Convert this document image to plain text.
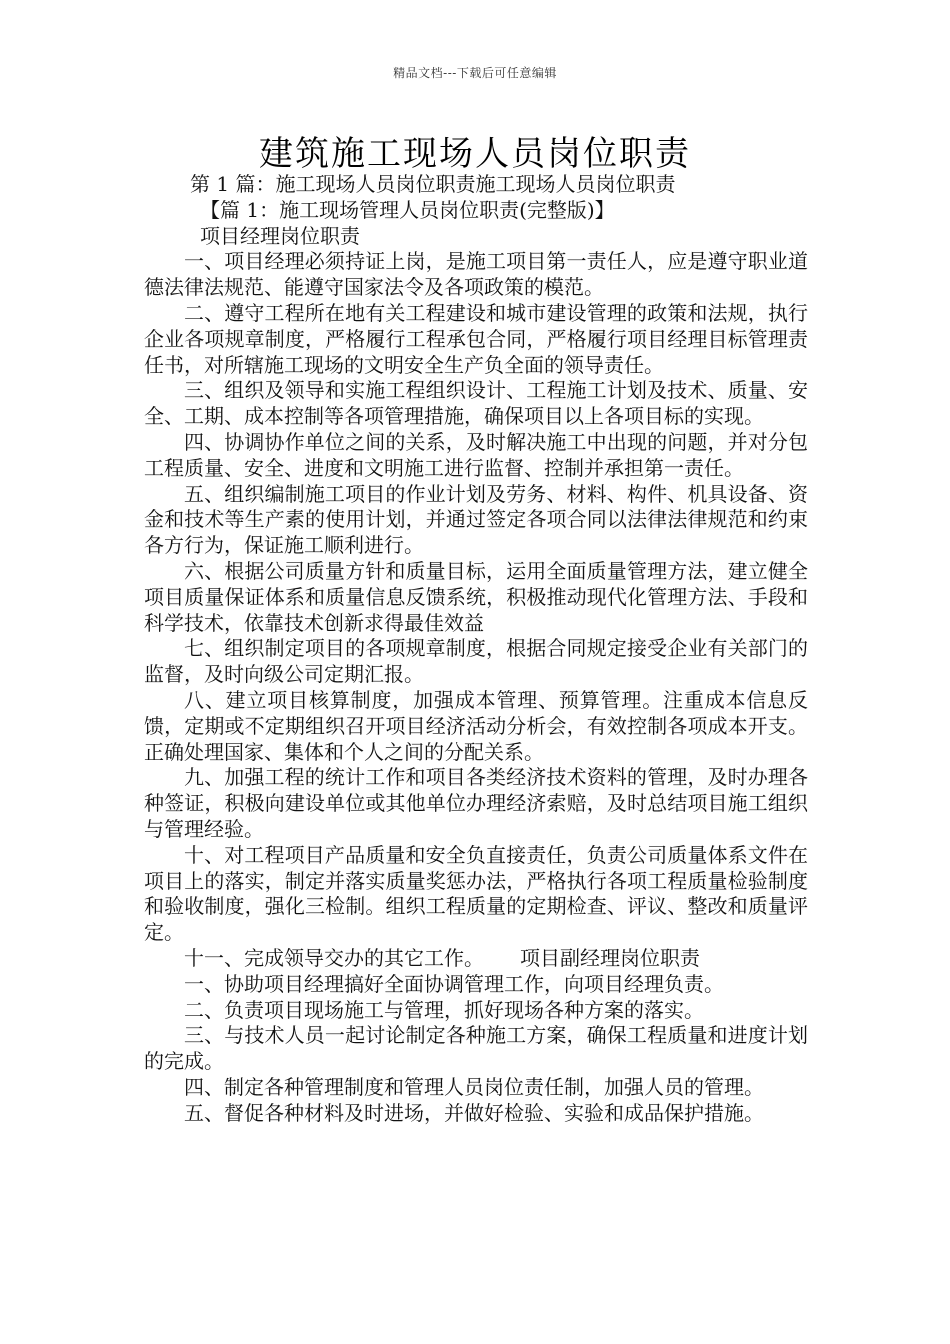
精品文档---下载后可任意编辑
建筑施工现场人员岗位职责
第 1 篇：施工现场人员岗位职责施工现场人员岗位职责
【篇 1：施工现场管理人员岗位职责(完整版)】
项目经理岗位职责
一、项目经理必须持证上岗，是施工项目第一责任人，应是遵守职业道德法律法规范、能遵守国家法令及各项政策的模范。
二、遵守工程所在地有关工程建设和城市建设管理的政策和法规，执行企业各项规章制度，严格履行工程承包合同，严格履行项目经理目标管理责任书，对所辖施工现场的文明安全生产负全面的领导责任。
三、组织及领导和实施工程组织设计、工程施工计划及技术、质量、安全、工期、成本控制等各项管理措施，确保项目以上各项目标的实现。
四、协调协作单位之间的关系，及时解决施工中出现的问题，并对分包工程质量、安全、进度和文明施工进行监督、控制并承担第一责任。
五、组织编制施工项目的作业计划及劳务、材料、构件、机具设备、资金和技术等生产素的使用计划，并通过签定各项合同以法律法律规范和约束各方行为，保证施工顺利进行。
六、根据公司质量方针和质量目标，运用全面质量管理方法，建立健全项目质量保证体系和质量信息反馈系统，积极推动现代化管理方法、手段和科学技术，依靠技术创新求得最佳效益
七、组织制定项目的各项规章制度，根据合同规定接受企业有关部门的监督，及时向级公司定期汇报。
八、建立项目核算制度，加强成本管理、预算管理。注重成本信息反馈，定期或不定期组织召开项目经济活动分析会，有效控制各项成本开支。正确处理国家、集体和个人之间的分配关系。
九、加强工程的统计工作和项目各类经济技术资料的管理，及时办理各种签证，积极向建设单位或其他单位办理经济索赔，及时总结项目施工组织与管理经验。
十、对工程项目产品质量和安全负直接责任，负责公司质量体系文件在项目上的落实，制定并落实质量奖惩办法，严格执行各项工程质量检验制度和验收制度，强化三检制。组织工程质量的定期检查、评议、整改和质量评定。
十一、完成领导交办的其它工作。 项目副经理岗位职责
一、协助项目经理搞好全面协调管理工作，向项目经理负责。
二、负责项目现场施工与管理，抓好现场各种方案的落实。
三、与技术人员一起讨论制定各种施工方案，确保工程质量和进度计划的完成。
四、制定各种管理制度和管理人员岗位责任制，加强人员的管理。
五、督促各种材料及时进场，并做好检验、实验和成品保护措施。
